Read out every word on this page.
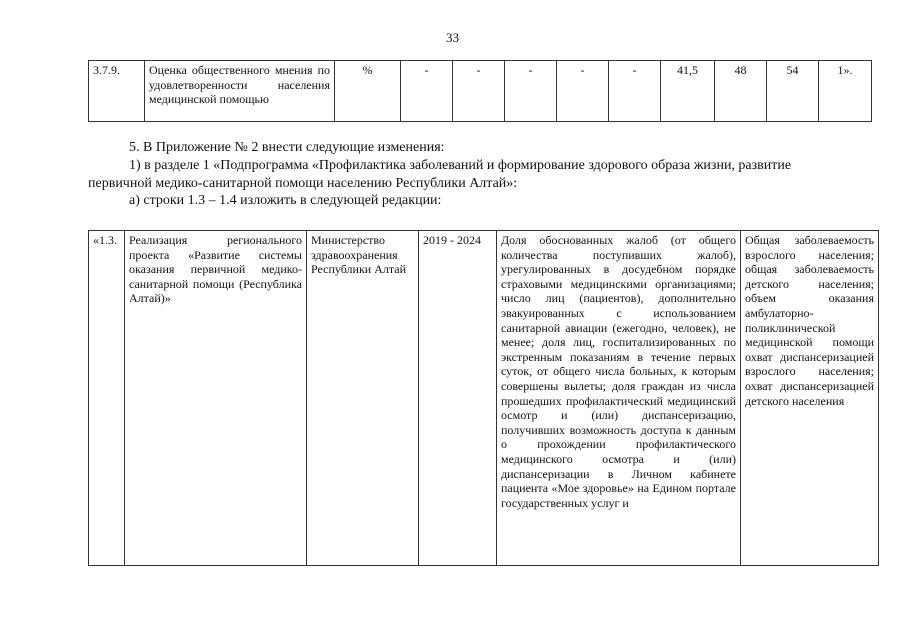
33
3.7.9.	Оценка общественного мнения по удовлетворенности населения медицинской помощью	%	-	-	-	-	-	41,5	48	54	1».
5. В Приложение № 2 внести следующие изменения:
1) в разделе 1 «Подпрограмма «Профилактика заболеваний и формирование здорового образа жизни, развитие
первичной медико-санитарной помощи населению Республики Алтай»:
а) строки 1.3 – 1.4 изложить в следующей редакции:
«1.3.	Реализация регионального проекта «Развитие системы оказания первичной медико-санитарной помощи (Республика Алтай)»	Министерство здравоохранения Республики Алтай	2019 - 2024	Доля обоснованных жалоб (от общего количества поступивших жалоб), урегулированных в досудебном порядке страховыми медицинскими организациями; число лиц (пациентов), дополнительно эвакуированных с использованием санитарной авиации (ежегодно, человек), не менее; доля лиц, госпитализированных по экстренным показаниям в течение первых суток, от общего числа больных, к которым совершены вылеты; доля граждан из числа прошедших профилактический медицинский осмотр и (или) диспансеризацию, получивших возможность доступа к данным о прохождении профилактического медицинского осмотра и (или) диспансеризации в Личном кабинете пациента «Мое здоровье» на Едином портале государственных услуг и	Общая заболеваемость взрослого населения; общая заболеваемость детского населения; объем оказания амбулаторно-поликлинической медицинской помощи охват диспансеризацией взрослого населения; охват диспансеризацией детского населения
